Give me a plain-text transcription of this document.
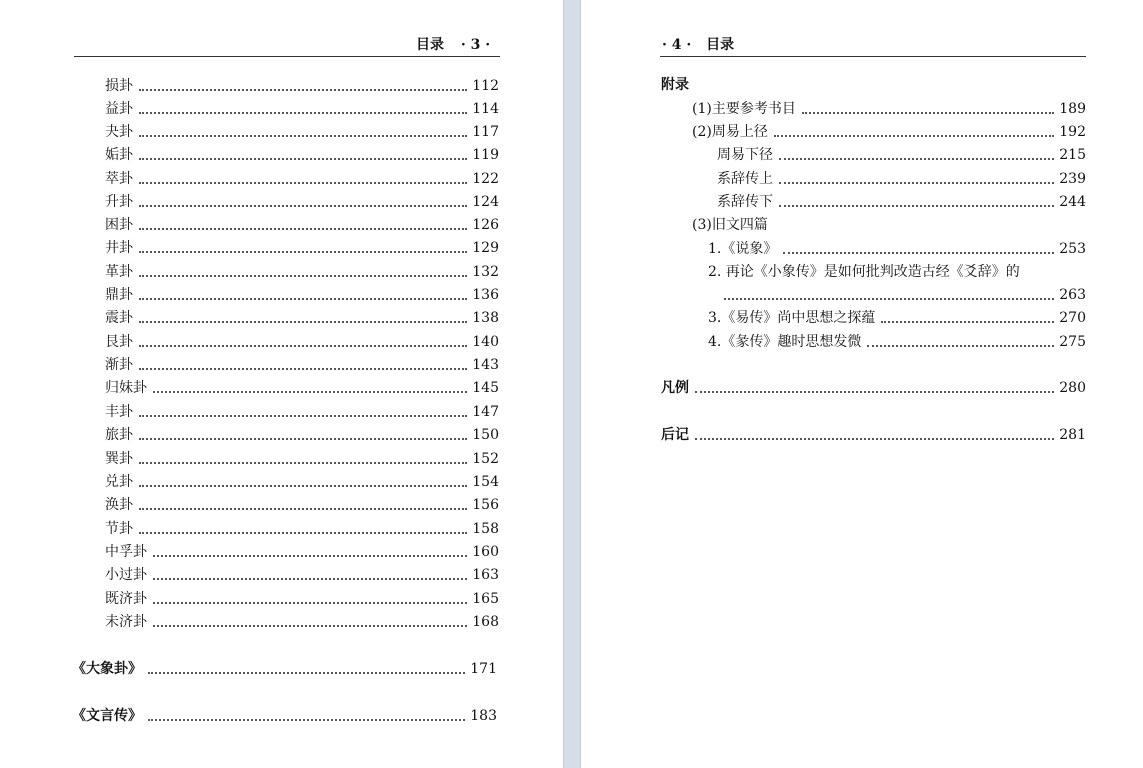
目录 · 3 ·
损卦	112
益卦	114
夬卦	117
姤卦	119
萃卦	122
升卦	124
困卦	126
井卦	129
革卦	132
鼎卦	136
震卦	138
艮卦	140
渐卦	143
归妹卦	145
丰卦	147
旅卦	150
巽卦	152
兑卦	154
涣卦	156
节卦	158
中孚卦	160
小过卦	163
既济卦	165
未济卦	168
《大象卦》	171
《文言传》	183
· 4 · 目录
附录
(1)主要参考书目	189
(2)周易上径	192
周易下径	215
系辞传上	239
系辞传下	244
(3)旧文四篇
1.《说象》	253
2. 再论《小象传》是如何批判改造古经《爻辞》的
263
3.《易传》尚中思想之探蕴	270
4.《彖传》趣时思想发微	275
凡例	280
后记	281
